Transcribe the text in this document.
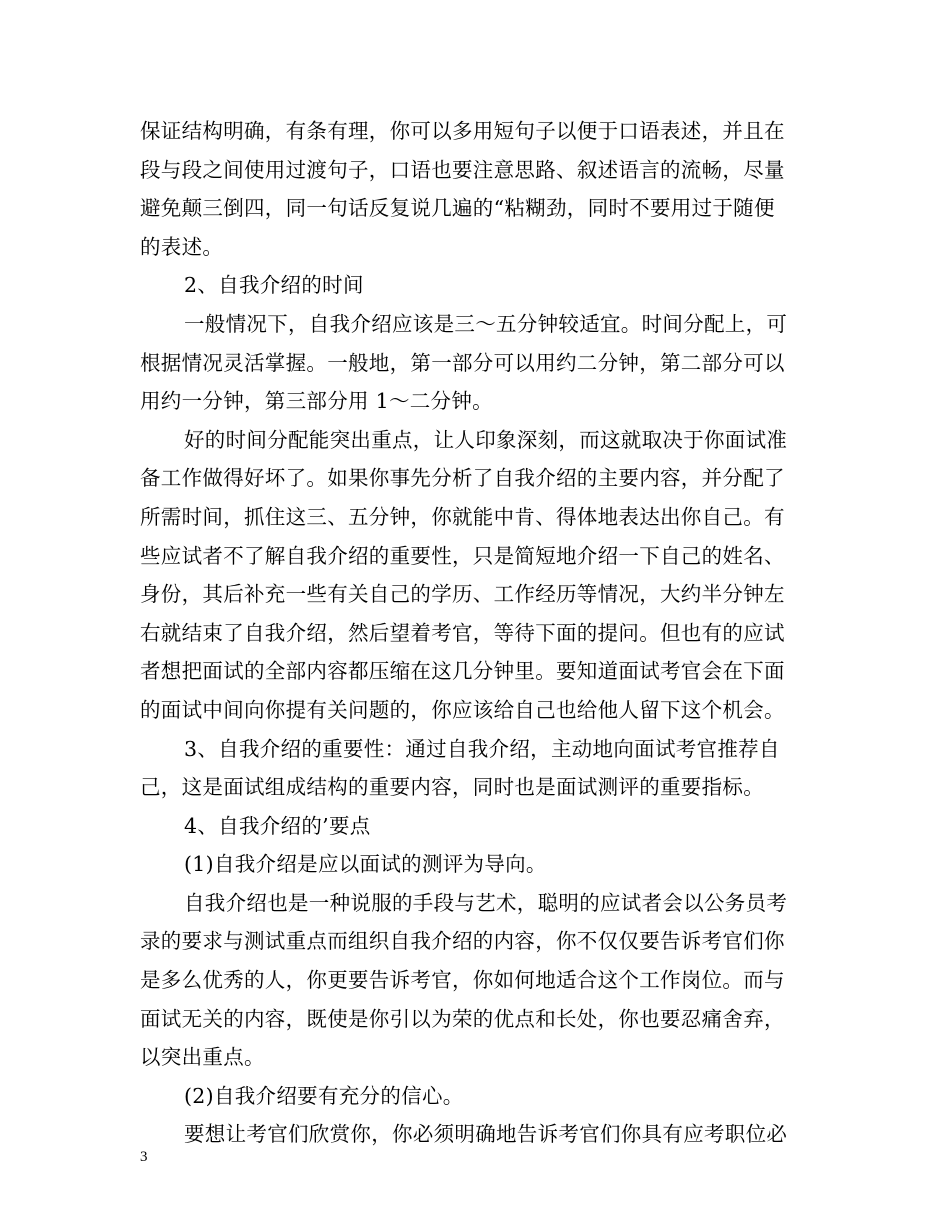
保证结构明确，有条有理，你可以多用短句子以便于口语表述，并且在
段与段之间使用过渡句子，口语也要注意思路、叙述语言的流畅，尽量
避免颠三倒四，同一句话反复说几遍的“粘糊劲，同时不要用过于随便
的表述。
2、自我介绍的时间
一般情况下，自我介绍应该是三～五分钟较适宜。时间分配上，可
根据情况灵活掌握。一般地，第一部分可以用约二分钟，第二部分可以
用约一分钟，第三部分用 1～二分钟。
好的时间分配能突出重点，让人印象深刻，而这就取决于你面试准
备工作做得好坏了。如果你事先分析了自我介绍的主要内容，并分配了
所需时间，抓住这三、五分钟，你就能中肯、得体地表达出你自己。有
些应试者不了解自我介绍的重要性，只是简短地介绍一下自己的姓名、
身份，其后补充一些有关自己的学历、工作经历等情况，大约半分钟左
右就结束了自我介绍，然后望着考官，等待下面的提问。但也有的应试
者想把面试的全部内容都压缩在这几分钟里。要知道面试考官会在下面
的面试中间向你提有关问题的，你应该给自己也给他人留下这个机会。
3、自我介绍的重要性：通过自我介绍，主动地向面试考官推荐自
己，这是面试组成结构的重要内容，同时也是面试测评的重要指标。
4、自我介绍的’要点
(1)自我介绍是应以面试的测评为导向。
自我介绍也是一种说服的手段与艺术，聪明的应试者会以公务员考
录的要求与测试重点而组织自我介绍的内容，你不仅仅要告诉考官们你
是多么优秀的人，你更要告诉考官，你如何地适合这个工作岗位。而与
面试无关的内容，既使是你引以为荣的优点和长处，你也要忍痛舍弃，
以突出重点。
(2)自我介绍要有充分的信心。
要想让考官们欣赏你，你必须明确地告诉考官们你具有应考职位必
3
